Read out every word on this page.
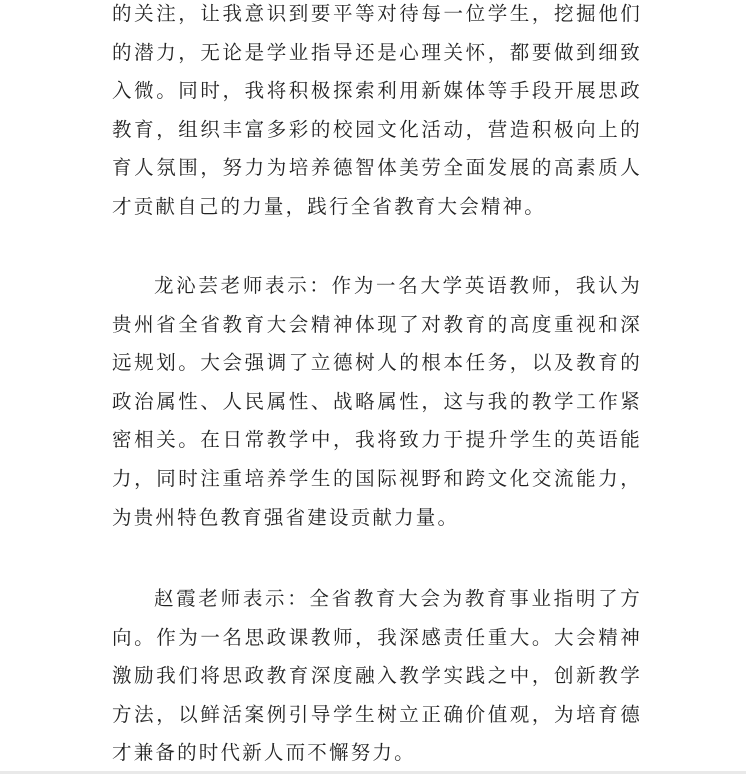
的关注，让我意识到要平等对待每一位学生，挖掘他们的潜力，无论是学业指导还是心理关怀，都要做到细致入微。同时，我将积极探索利用新媒体等手段开展思政教育，组织丰富多彩的校园文化活动，营造积极向上的育人氛围，努力为培养德智体美劳全面发展的高素质人才贡献自己的力量，践行全省教育大会精神。

龙沁芸老师表示：作为一名大学英语教师，我认为贵州省全省教育大会精神体现了对教育的高度重视和深远规划。大会强调了立德树人的根本任务，以及教育的政治属性、人民属性、战略属性，这与我的教学工作紧密相关。在日常教学中，我将致力于提升学生的英语能力，同时注重培养学生的国际视野和跨文化交流能力，为贵州特色教育强省建设贡献力量。

赵霞老师表示：全省教育大会为教育事业指明了方向。作为一名思政课教师，我深感责任重大。大会精神激励我们将思政教育深度融入教学实践之中，创新教学方法，以鲜活案例引导学生树立正确价值观，为培育德才兼备的时代新人而不懈努力。
